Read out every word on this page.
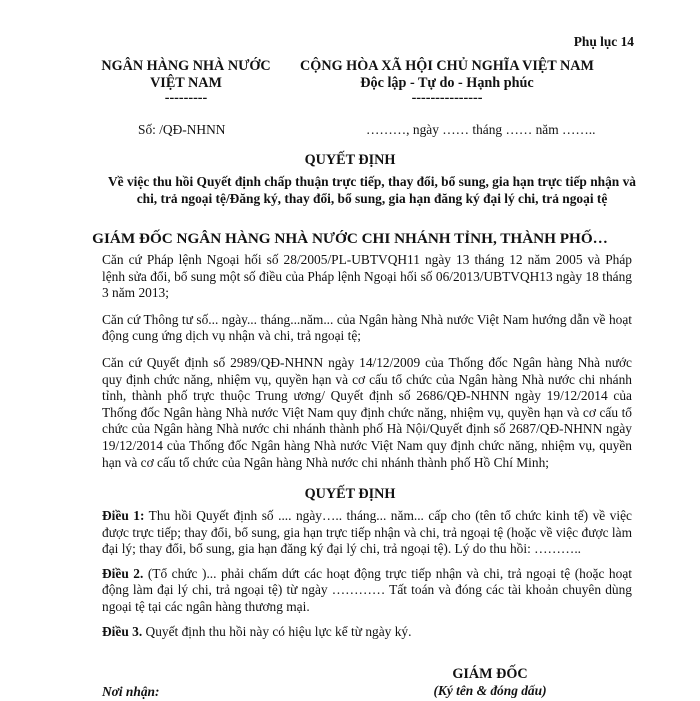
Phụ lục 14
NGÂN HÀNG NHÀ NƯỚC
VIỆT NAM
---------
CỘNG HÒA XÃ HỘI CHỦ NGHĨA VIỆT NAM
Độc lập - Tự do - Hạnh phúc
---------------
Số: /QĐ-NHNN	………, ngày …… tháng …… năm ……..
QUYẾT ĐỊNH
Về việc thu hồi Quyết định chấp thuận trực tiếp, thay đổi, bổ sung, gia hạn trực tiếp nhận và chi, trả ngoại tệ/Đăng ký, thay đổi, bổ sung, gia hạn đăng ký đại lý chi, trả ngoại tệ
GIÁM ĐỐC NGÂN HÀNG NHÀ NƯỚC CHI NHÁNH TỈNH, THÀNH PHỐ…

Căn cứ Pháp lệnh Ngoại hối số 28/2005/PL-UBTVQH11 ngày 13 tháng 12 năm 2005 và Pháp lệnh sửa đổi, bổ sung một số điều của Pháp lệnh Ngoại hối số 06/2013/UBTVQH13 ngày 18 tháng 3 năm 2013;

Căn cứ Thông tư số... ngày... tháng...năm... của Ngân hàng Nhà nước Việt Nam hướng dẫn về hoạt động cung ứng dịch vụ nhận và chi, trả ngoại tệ;

Căn cứ Quyết định số 2989/QĐ-NHNN ngày 14/12/2009 của Thống đốc Ngân hàng Nhà nước quy định chức năng, nhiệm vụ, quyền hạn và cơ cấu tổ chức của Ngân hàng Nhà nước chi nhánh tỉnh, thành phố trực thuộc Trung ương/ Quyết định số 2686/QĐ-NHNN ngày 19/12/2014 của Thống đốc Ngân hàng Nhà nước Việt Nam quy định chức năng, nhiệm vụ, quyền hạn và cơ cấu tổ chức của Ngân hàng Nhà nước chi nhánh thành phố Hà Nội/Quyết định số 2687/QĐ-NHNN ngày 19/12/2014 của Thống đốc Ngân hàng Nhà nước Việt Nam quy định chức năng, nhiệm vụ, quyền hạn và cơ cấu tổ chức của Ngân hàng Nhà nước chi nhánh thành phố Hồ Chí Minh;

QUYẾT ĐỊNH

Điều 1: Thu hồi Quyết định số .... ngày….. tháng... năm... cấp cho (tên tổ chức kinh tế) về việc được trực tiếp; thay đổi, bổ sung, gia hạn trực tiếp nhận và chi, trả ngoại tệ (hoặc về việc được làm đại lý; thay đổi, bổ sung, gia hạn đăng ký đại lý chi, trả ngoại tệ). Lý do thu hồi: ………..

Điều 2. (Tổ chức )... phải chấm dứt các hoạt động trực tiếp nhận và chi, trả ngoại tệ (hoặc hoạt động làm đại lý chi, trả ngoại tệ) từ ngày ………… Tất toán và đóng các tài khoản chuyên dùng ngoại tệ tại các ngân hàng thương mại.

Điều 3. Quyết định thu hồi này có hiệu lực kể từ ngày ký.

GIÁM ĐỐC
(Ký tên & đóng dấu)
Nơi nhận:
